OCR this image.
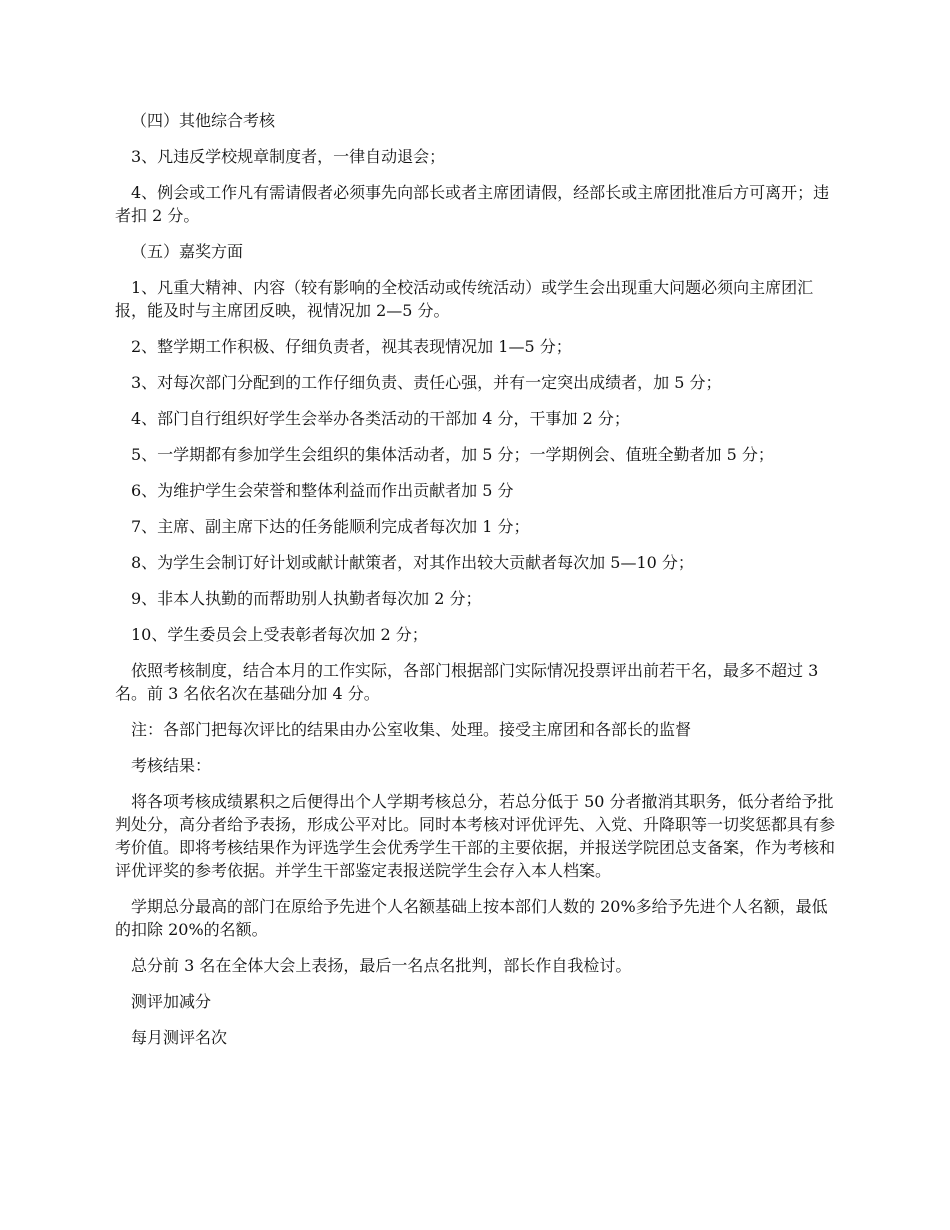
（四）其他综合考核

3、凡违反学校规章制度者，一律自动退会；

4、例会或工作凡有需请假者必须事先向部长或者主席团请假，经部长或主席团批准后方可离开；违者扣 2 分。

（五）嘉奖方面

1、凡重大精神、内容（较有影响的全校活动或传统活动）或学生会出现重大问题必须向主席团汇报，能及时与主席团反映，视情况加 2—5 分。

2、整学期工作积极、仔细负责者，视其表现情况加 1—5 分；

3、对每次部门分配到的工作仔细负责、责任心强，并有一定突出成绩者，加 5 分；

4、部门自行组织好学生会举办各类活动的干部加 4 分，干事加 2 分；

5、一学期都有参加学生会组织的集体活动者，加 5 分；一学期例会、值班全勤者加 5 分；

6、为维护学生会荣誉和整体利益而作出贡献者加 5 分

7、主席、副主席下达的任务能顺利完成者每次加 1 分；

8、为学生会制订好计划或献计献策者，对其作出较大贡献者每次加 5—10 分；

9、非本人执勤的而帮助别人执勤者每次加 2 分；

10、学生委员会上受表彰者每次加 2 分；

依照考核制度，结合本月的工作实际，各部门根据部门实际情况投票评出前若干名，最多不超过 3 名。前 3 名依名次在基础分加 4 分。

注：各部门把每次评比的结果由办公室收集、处理。接受主席团和各部长的监督

考核结果：

将各项考核成绩累积之后便得出个人学期考核总分，若总分低于 50 分者撤消其职务，低分者给予批判处分，高分者给予表扬，形成公平对比。同时本考核对评优评先、入党、升降职等一切奖惩都具有参考价值。即将考核结果作为评选学生会优秀学生干部的主要依据，并报送学院团总支备案，作为考核和评优评奖的参考依据。并学生干部鉴定表报送院学生会存入本人档案。

学期总分最高的部门在原给予先进个人名额基础上按本部们人数的 20%多给予先进个人名额，最低的扣除 20%的名额。

总分前 3 名在全体大会上表扬，最后一名点名批判，部长作自我检讨。

测评加减分

每月测评名次
